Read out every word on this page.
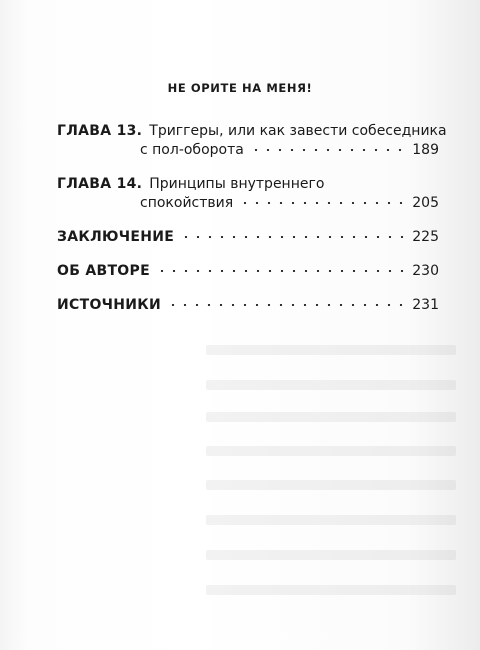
НЕ ОРИТЕ НА МЕНЯ!
ГЛАВА 13. Триггеры, или как завести собеседника
с пол-оборота	189
ГЛАВА 14. Принципы внутреннего
спокойствия	205
ЗАКЛЮЧЕНИЕ	225
ОБ АВТОРЕ	230
ИСТОЧНИКИ	231
